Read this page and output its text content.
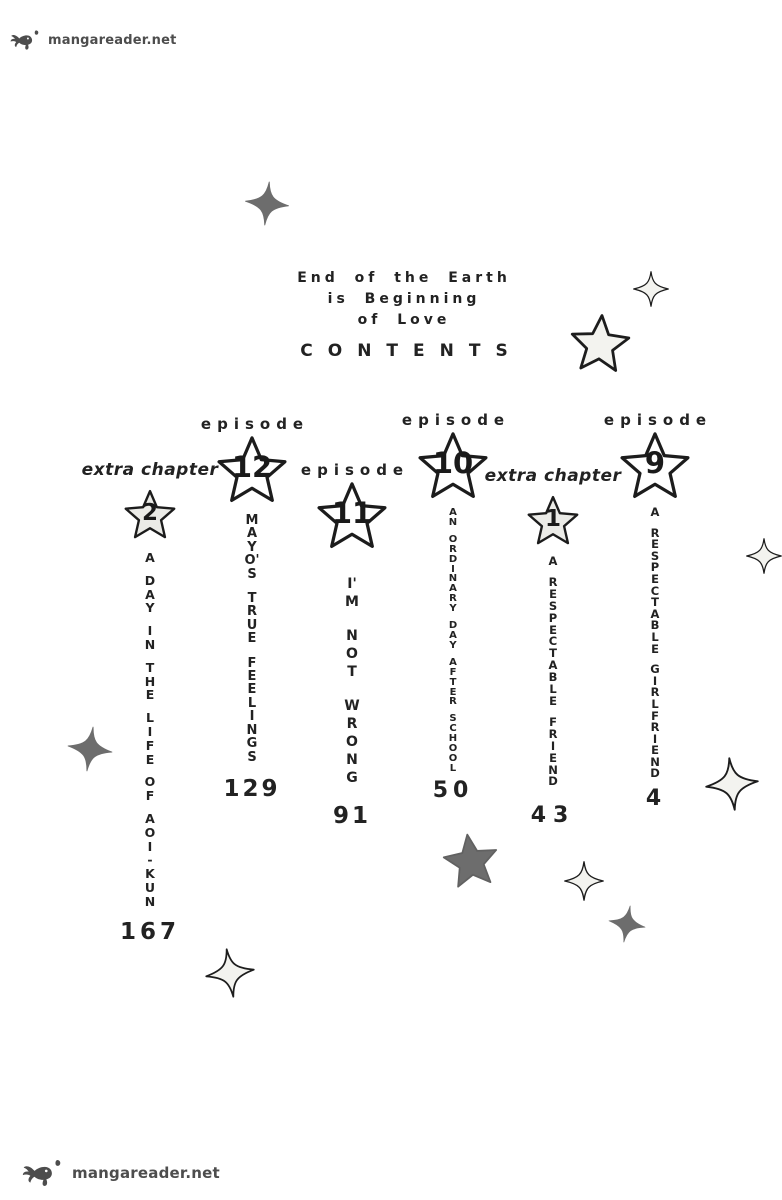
mangareader.net
End of the Earth
is Beginning
of Love
CONTENTS
extra chapter
2
A
D
A
Y
I
N
T
H
E
L
I
F
E
O
F
A
O
I
-
K
U
N
167
episode
12
M
A
Y
O'
S
T
R
U
E
F
E
E
L
I
N
G
S
129
episode
11
I'
M
N
O
T
W
R
O
N
G
91
episode
10
A
N
O
R
D
I
N
A
R
Y
D
A
Y
A
F
T
E
R
S
C
H
O
O
L
50
extra chapter
1
A
R
E
S
P
E
C
T
A
B
L
E
F
R
I
E
N
D
43
episode
9
A
R
E
S
P
E
C
T
A
B
L
E
G
I
R
L
F
R
I
E
N
D
4
mangareader.net
